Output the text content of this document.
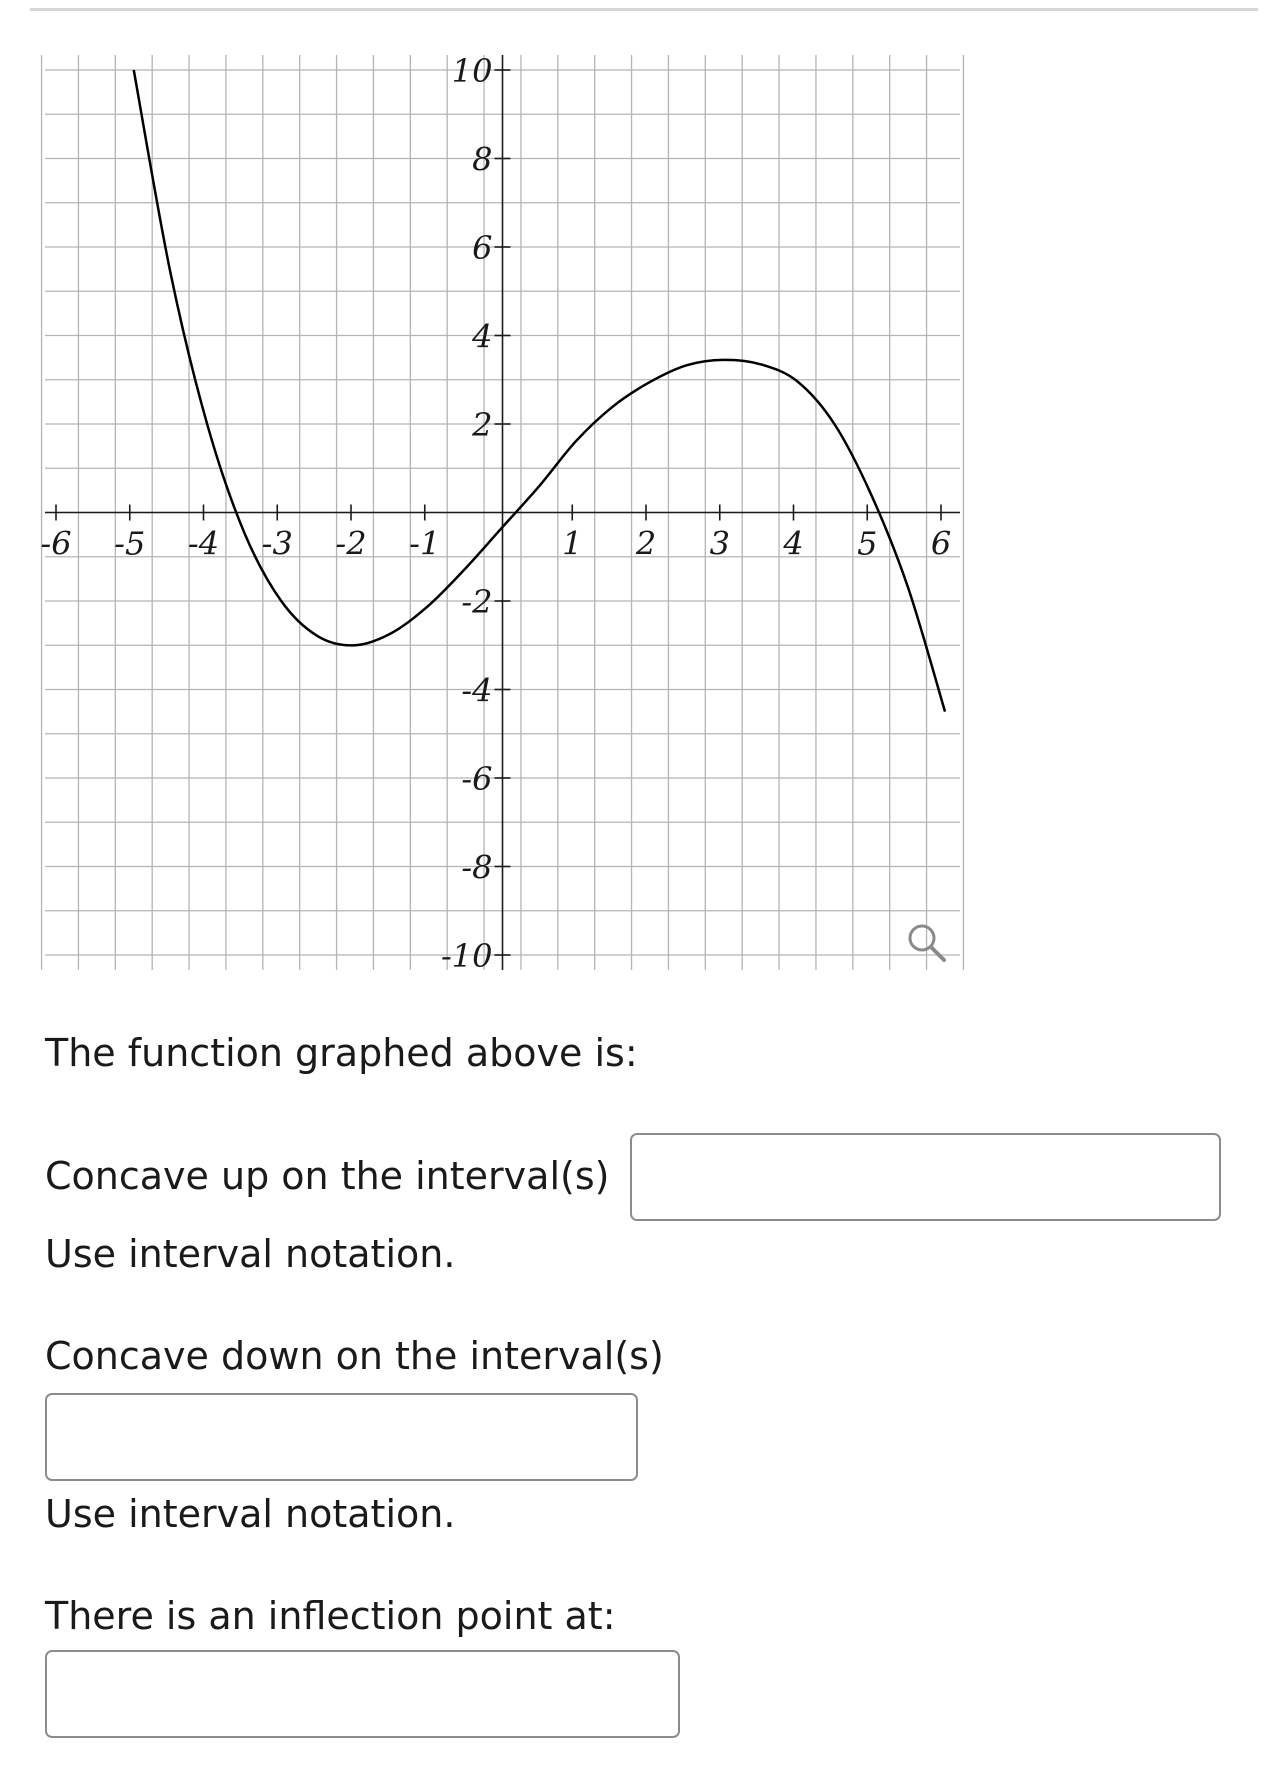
-6 -5 -4 -3 -2 -1	1 2 3 4 5 6
10
8
6
4
2
-2
-4
-6
-8
-10
The function graphed above is:
Concave up on the interval(s)
Use interval notation.
Concave down on the interval(s)
Use interval notation.
There is an inflection point at:
